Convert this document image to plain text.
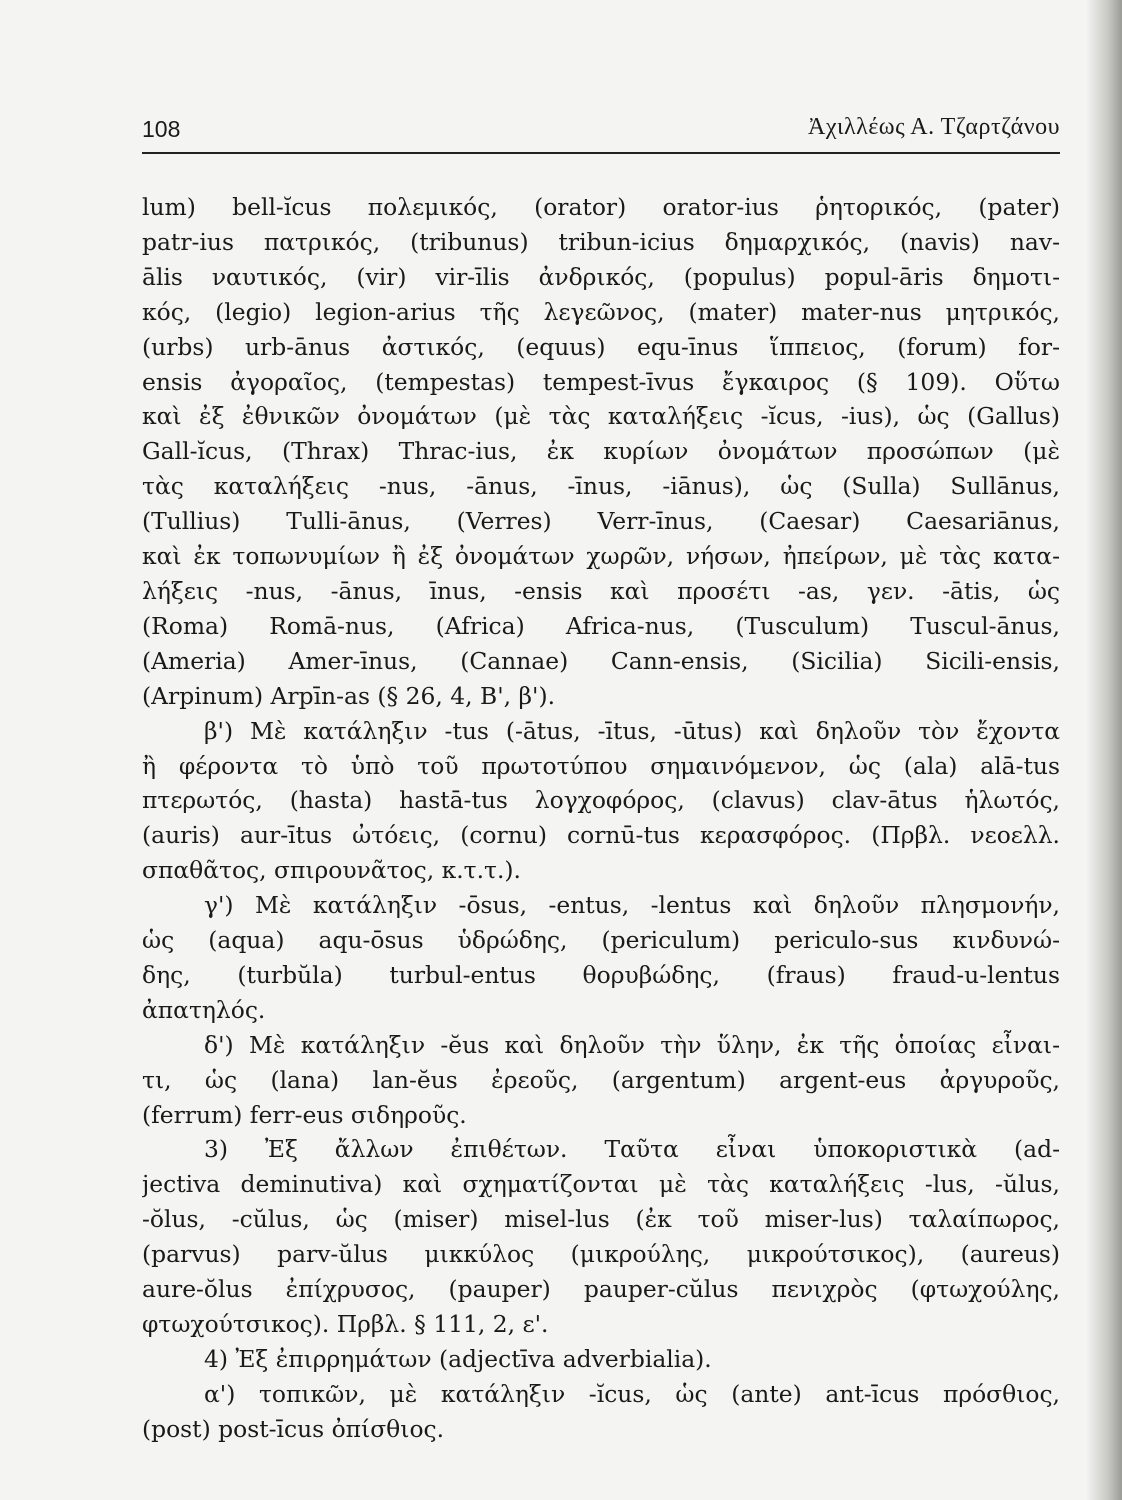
108	Ἀχιλλέως Α. Τζαρτζάνου
lum) bell-ĭcus πολεμικός, (orator) orator-ius ῥητορικός, (pater)
patr-ius πατρικός, (tribunus) tribun-icius δημαρχικός, (navis) nav-
ālis ναυτικός, (vir) vir-īlis ἀνδρικός, (populus) popul-āris δημοτι-
κός, (legio) legion-arius τῆς λεγεῶνος, (mater) mater-nus μητρικός,
(urbs) urb-ānus ἀστικός, (equus) equ-īnus ἵππειος, (forum) for-
ensis ἀγοραῖος, (tempestas) tempest-īvus ἔγκαιρος (§ 109). Οὕτω
καὶ ἐξ ἐθνικῶν ὀνομάτων (μὲ τὰς καταλήξεις -ĭcus, -ius), ὡς (Gallus)
Gall-ĭcus, (Thrax) Thrac-ius, ἐκ κυρίων ὀνομάτων προσώπων (μὲ
τὰς καταλήξεις -nus, -ānus, -īnus, -iānus), ὡς (Sulla) Sullānus,
(Tullius) Tulli-ānus, (Verres) Verr-īnus, (Caesar) Caesariānus,
καὶ ἐκ τοπωνυμίων ἢ ἐξ ὀνομάτων χωρῶν, νήσων, ἠπείρων, μὲ τὰς κατα-
λήξεις -nus, -ānus, īnus, -ensis καὶ προσέτι -as, γεν. -ātis, ὡς
(Roma) Romā-nus, (Africa) Africa-nus, (Tusculum) Tuscul-ānus,
(Ameria) Amer-īnus, (Cannae) Cann-ensis, (Sicilia) Sicili-ensis,
(Arpinum) Arpīn-as (§ 26, 4, Β', β').
β') Μὲ κατάληξιν -tus (-ātus, -ītus, -ūtus) καὶ δηλοῦν τὸν ἔχοντα
ἢ φέροντα τὸ ὑπὸ τοῦ πρωτοτύπου σημαινόμενον, ὡς (ala) alā-tus
πτερωτός, (hasta) hastā-tus λογχοφόρος, (clavus) clav-ātus ἡλωτός,
(auris) aur-ītus ὠτόεις, (cornu) cornū-tus κερασφόρος. (Πρβλ. νεοελλ.
σπαθᾶτος, σπιρουνᾶτος, κ.τ.τ.).
γ') Μὲ κατάληξιν -ōsus, -entus, -lentus καὶ δηλοῦν πλησμονήν,
ὡς (aqua) aqu-ōsus ὑδρώδης, (periculum) periculo-sus κινδυνώ-
δης, (turbŭla) turbul-entus θορυβώδης, (fraus) fraud-u-lentus
ἀπατηλός.
δ') Μὲ κατάληξιν -ĕus καὶ δηλοῦν τὴν ὕλην, ἐκ τῆς ὁποίας εἶναι-
τι, ὡς (lana) lan-ĕus ἐρεοῦς, (argentum) argent-eus ἀργυροῦς,
(ferrum) ferr-eus σιδηροῦς.
3) Ἐξ ἄλλων ἐπιθέτων. Ταῦτα εἶναι ὑποκοριστικὰ (ad-
jectiva deminutiva) καὶ σχηματίζονται μὲ τὰς καταλήξεις -lus, -ŭlus,
-ŏlus, -cŭlus, ὡς (miser) misel-lus (ἐκ τοῦ miser-lus) ταλαίπωρος,
(parvus) parv-ŭlus μικκύλος (μικρούλης, μικρούτσικος), (aureus)
aure-ŏlus ἐπίχρυσος, (pauper) pauper-cŭlus πενιχρὸς (φτωχούλης,
φτωχούτσικος). Πρβλ. § 111, 2, ε'.
4) Ἐξ ἐπιρρημάτων (adjectīva adverbialia).
α') τοπικῶν, μὲ κατάληξιν -ĭcus, ὡς (ante) ant-īcus πρόσθιος,
(post) post-īcus ὀπίσθιος.
